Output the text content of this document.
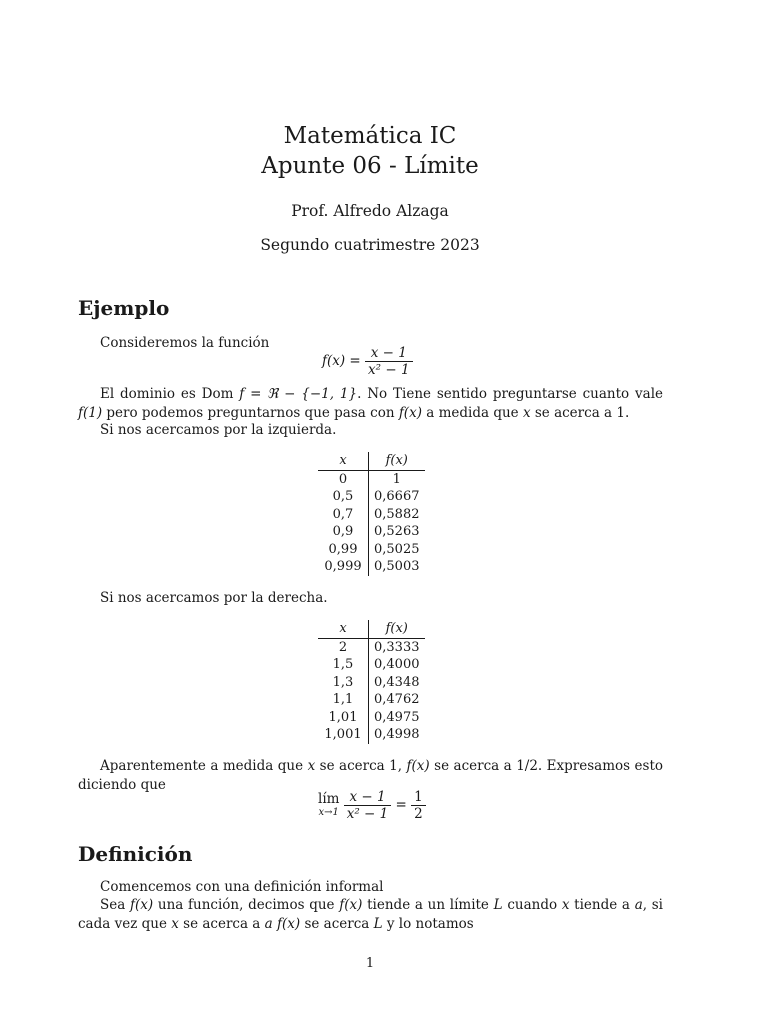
Matemática IC
Apunte 06 - Límite
Prof. Alfredo Alzaga
Segundo cuatrimestre 2023
Ejemplo
Consideremos la función
$f(x) = \frac{x - 1}{\text{x² − 1}}$
El dominio es Dom f = ℜ − {−1, 1}. No Tiene sentido preguntarse cuanto vale f(1) pero podemos preguntarnos que pasa con f(x) a medida que x se acerca a 1.
Si nos acercamos por la izquierda.
x	f(x)
0	1
0,5	0,6667
0,7	0,5882
0,9	0,5263
0,99	0,5025
0,999	0,5003
Si nos acercamos por la derecha.
x	f(x)
2	0,3333
1,5	0,4000
1,3	0,4348
1,1	0,4762
1,01	0,4975
1,001	0,4998
Aparentemente a medida que x se acerca 1, f(x) se acerca a 1/2. Expresamos esto diciendo que
lím
x→1
$\frac{x - 1}{\text{x² − 1}} = \frac{1}{2}$
Definición
Comencemos con una definición informal
Sea f(x) una función, decimos que f(x) tiende a un límite L cuando x tiende a a, si cada vez que x se acerca a a f(x) se acerca L y lo notamos
1
